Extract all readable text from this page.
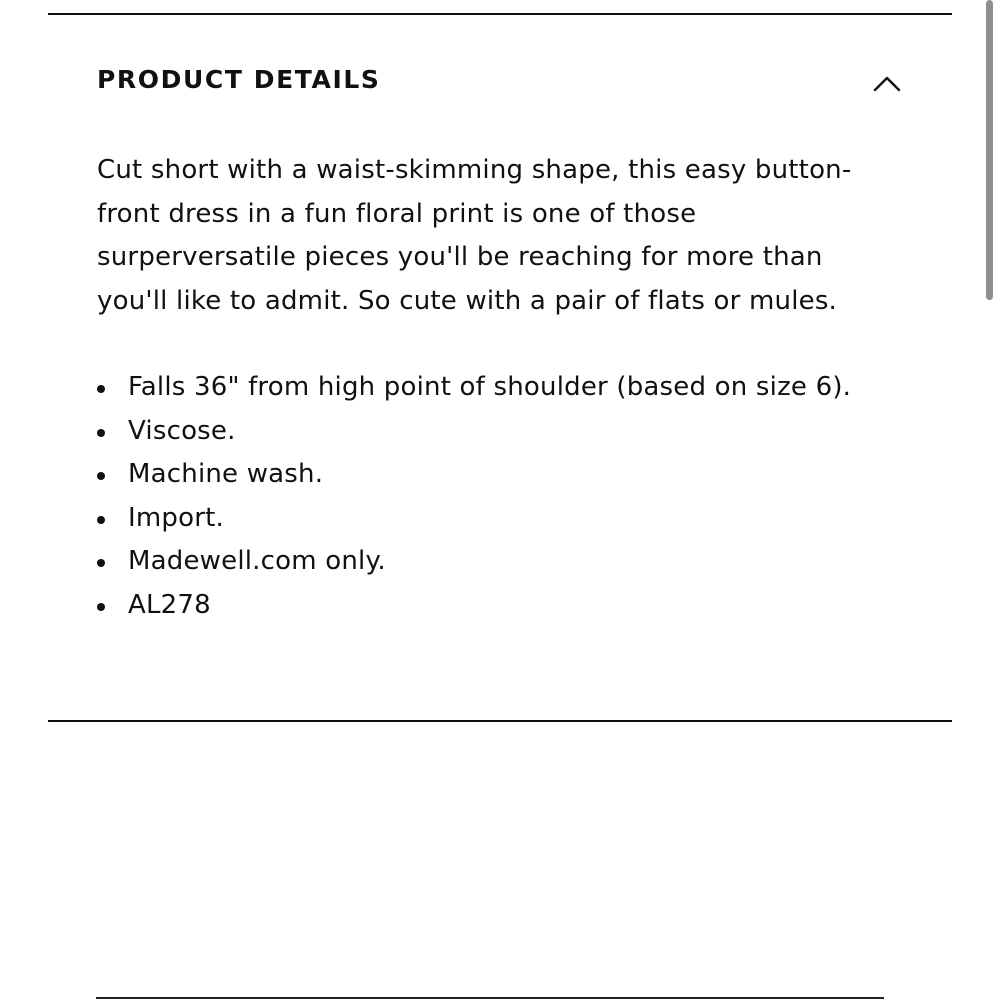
PRODUCT DETAILS

Cut short with a waist-skimming shape, this easy button-front dress in a fun floral print is one of those surperversatile pieces you'll be reaching for more than you'll like to admit. So cute with a pair of flats or mules.

Falls 36" from high point of shoulder (based on size 6).
Viscose.
Machine wash.
Import.
Madewell.com only.
AL278
